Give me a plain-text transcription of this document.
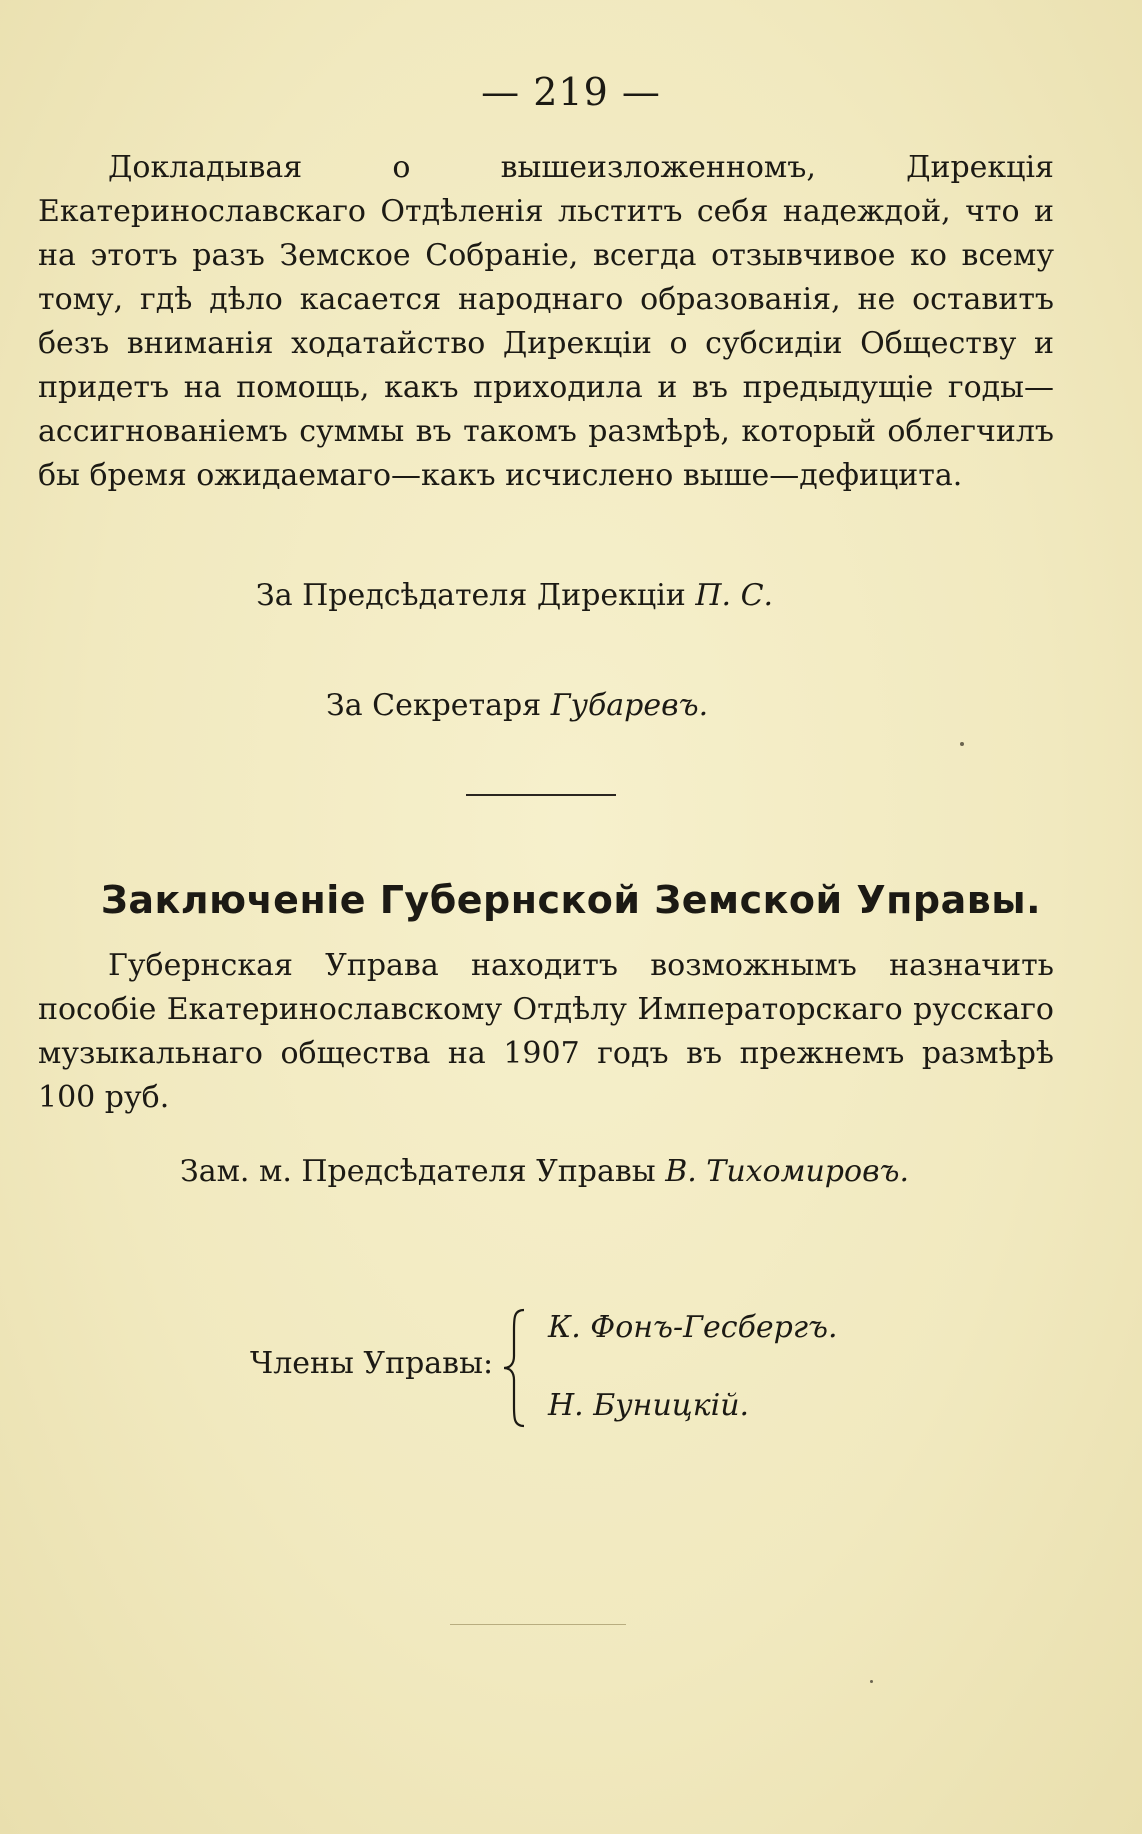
— 219 —
Докладывая о вышеизложенномъ, Дирекція Екатеринославскаго Отдѣленія льститъ себя надеждой, что и на этотъ разъ Земское Собраніе, всегда отзывчивое ко всему тому, гдѣ дѣло касается народнаго образованія, не оставитъ безъ вниманія ходатайство Дирекціи о субсидіи Обществу и придетъ на помощь, какъ приходила и въ предыдущіе годы—ассигнованіемъ суммы въ такомъ размѣрѣ, который облегчилъ бы бремя ожидаемаго—какъ исчислено выше—дефицита.
За Предсѣдателя Дирекціи П. С.
За Секретаря Губаревъ.
Заключеніе Губернской Земской Управы.
Губернская Управа находитъ возможнымъ назначить пособіе Екатеринославскому Отдѣлу Императорскаго русскаго музыкальнаго общества на 1907 годъ въ прежнемъ размѣрѣ 100 руб.
Зам. м. Предсѣдателя Управы В. Тихомировъ.
Члены Управы:
К. Фонъ-Гесбергъ.
Н. Буницкій.
